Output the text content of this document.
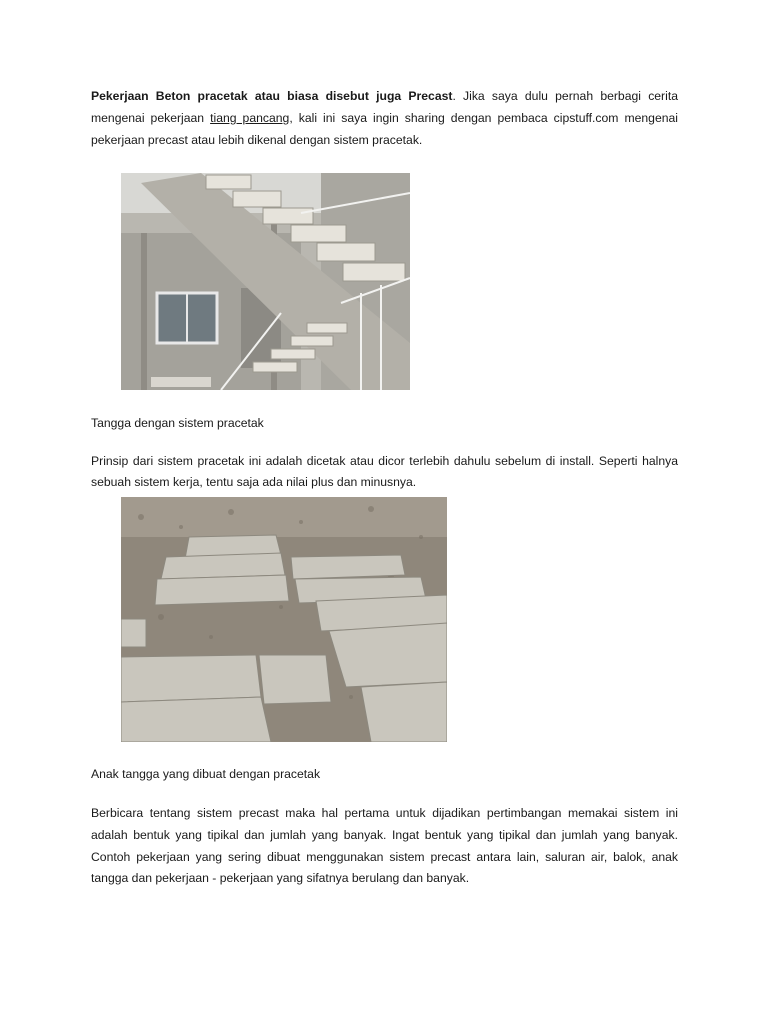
Pekerjaan Beton pracetak atau biasa disebut juga Precast. Jika saya dulu pernah berbagi cerita
mengenai pekerjaan tiang pancang, kali ini saya ingin sharing dengan pembaca cipstuff.com mengenai
pekerjaan precast atau lebih dikenal dengan sistem pracetak.
Tangga dengan sistem pracetak
Prinsip dari sistem pracetak ini adalah dicetak atau dicor terlebih dahulu sebelum di install. Seperti halnya
sebuah sistem kerja, tentu saja ada nilai plus dan minusnya.
Anak tangga yang dibuat dengan pracetak
Berbicara tentang sistem precast maka hal pertama untuk dijadikan pertimbangan memakai sistem ini
adalah bentuk yang tipikal dan jumlah yang banyak. Ingat bentuk yang tipikal dan jumlah yang banyak.
Contoh pekerjaan yang sering dibuat menggunakan sistem precast antara lain, saluran air, balok, anak
tangga dan pekerjaan - pekerjaan yang sifatnya berulang dan banyak.
